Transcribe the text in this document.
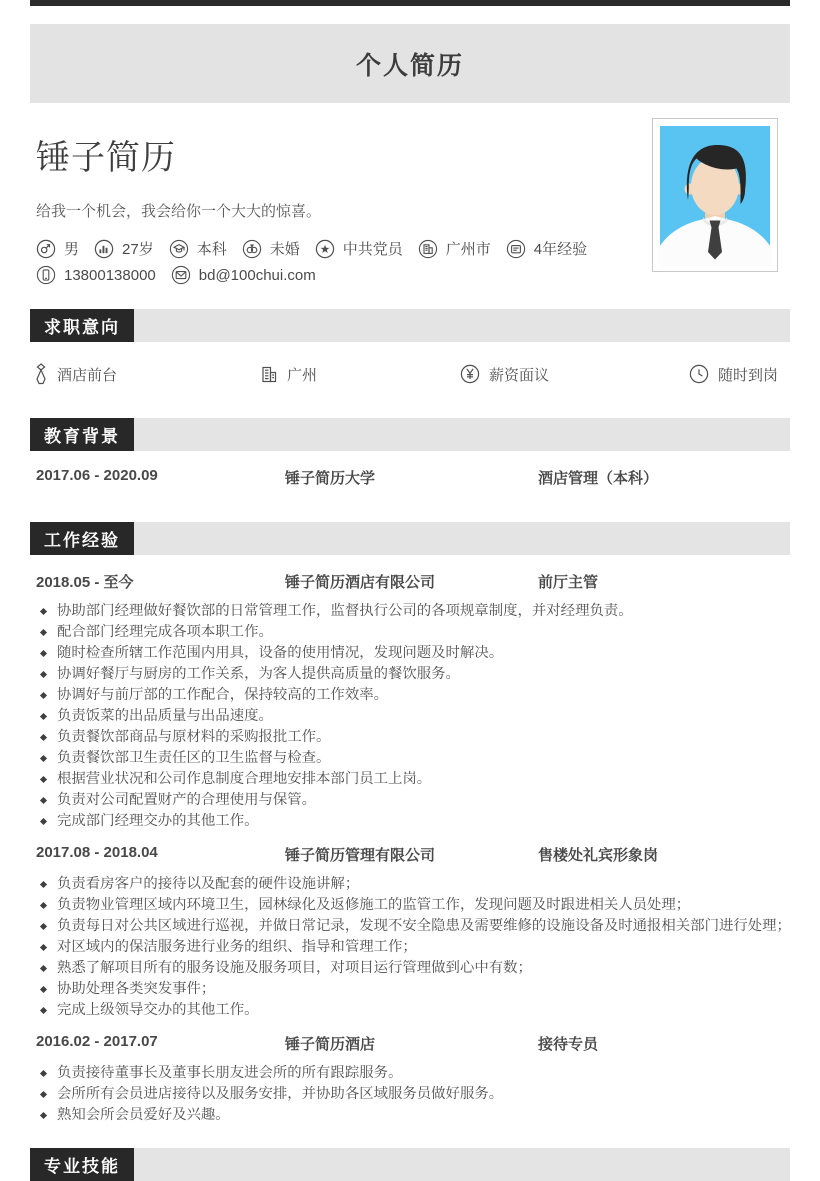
个人简历
锤子简历
给我一个机会，我会给你一个大大的惊喜。
男	27岁	本科	未婚	中共党员	广州市	4年经验
13800138000	bd@100chui.com
求职意向
酒店前台	广州	薪资面议	随时到岗
教育背景
2017.06 - 2020.09	锤子简历大学	酒店管理（本科）
工作经验
2018.05 - 至今	锤子简历酒店有限公司	前厅主管
协助部门经理做好餐饮部的日常管理工作，监督执行公司的各项规章制度，并对经理负责。
配合部门经理完成各项本职工作。
随时检查所辖工作范围内用具，设备的使用情况，发现问题及时解决。
协调好餐厅与厨房的工作关系，为客人提供高质量的餐饮服务。
协调好与前厅部的工作配合，保持较高的工作效率。
负责饭菜的出品质量与出品速度。
负责餐饮部商品与原材料的采购报批工作。
负责餐饮部卫生责任区的卫生监督与检查。
根据营业状况和公司作息制度合理地安排本部门员工上岗。
负责对公司配置财产的合理使用与保管。
完成部门经理交办的其他工作。
2017.08 - 2018.04	锤子简历管理有限公司	售楼处礼宾形象岗
负责看房客户的接待以及配套的硬件设施讲解；
负责物业管理区域内环境卫生，园林绿化及返修施工的监管工作，发现问题及时跟进相关人员处理；
负责每日对公共区域进行巡视，并做日常记录，发现不安全隐患及需要维修的设施设备及时通报相关部门进行处理；
对区域内的保洁服务进行业务的组织、指导和管理工作；
熟悉了解项目所有的服务设施及服务项目，对项目运行管理做到心中有数；
协助处理各类突发事件；
完成上级领导交办的其他工作。
2016.02 - 2017.07	锤子简历酒店	接待专员
负责接待董事长及董事长朋友进会所的所有跟踪服务。
会所所有会员进店接待以及服务安排，并协助各区域服务员做好服务。
熟知会所会员爱好及兴趣。
专业技能
